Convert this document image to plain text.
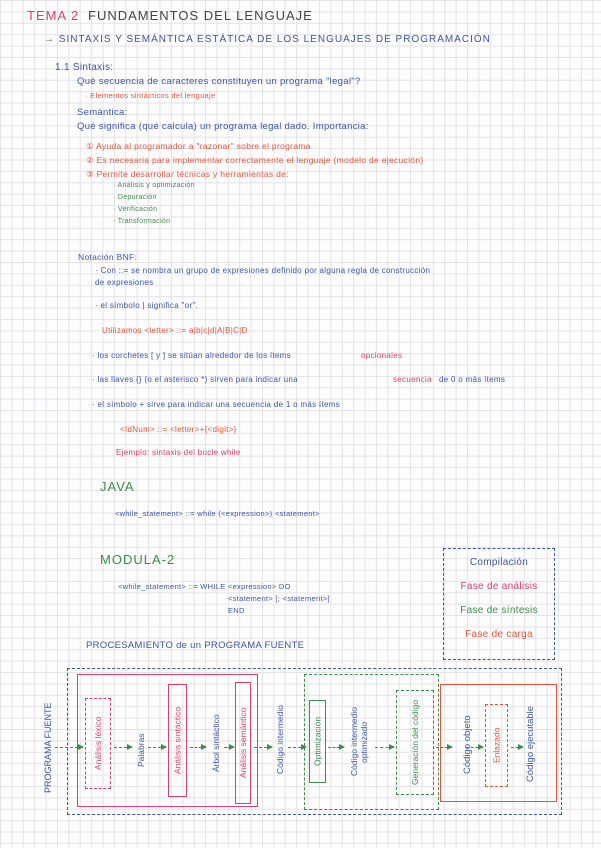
TEMA 2 FUNDAMENTOS DEL LENGUAJE
→ SINTAXIS Y SEMÁNTICA ESTÁTICA DE LOS LENGUAJES DE PROGRAMACIÓN
1.1 Sintaxis:
Qué secuencia de caracteres constituyen un programa "legal"?
· Elementos sintácticos del lenguaje
Semántica:
Qué significa (qué calcula) un programa legal dado. Importancia:
① Ayuda al programador a "razonar" sobre el programa
② Es necesaria para implementar correctamente el lenguaje (modelo de ejecución)
③ Permite desarrollar técnicas y herramientas de:
· Análisis y optimización
· Depuración
· Verificación
· Transformación
Notación BNF:
· Con ::= se nombra un grupo de expresiones definido por alguna regla de construcción
de expresiones
· el símbolo | significa "or".
Utilizamos <letter> ::= a|b|c|d|A|B|C|D
· los corchetes [ y ] se sitúan alrededor de los ítems	opcionales
· las llaves {} (o el asterisco *) sirven para indicar una	secuencia de 0 o más ítems
· el símbolo + sirve para indicar una secuencia de 1 o más ítems
<IdNum> ::= <letter>+{<digit>}
Ejemplo: sintaxis del bucle while
JAVA
<while_statement> ::= while (<expression>) <statement>
MODULA-2
<while_statement> ::= WHILE <expression> DO
<statement> [; <statement>]
END
Compilación
Fase de análisis
Fase de síntesis
Fase de carga
PROCESAMIENTO de un PROGRAMA FUENTE
PROGRAMA FUENTE	Análisis léxico	Palabras	Análisis sintáctico	Árbol sintáctico	Análisis semántico	Código intermedio	Optimización	Código intermedio optimizado	Generación del código	Código objeto	Enlazado	Código ejecutable
